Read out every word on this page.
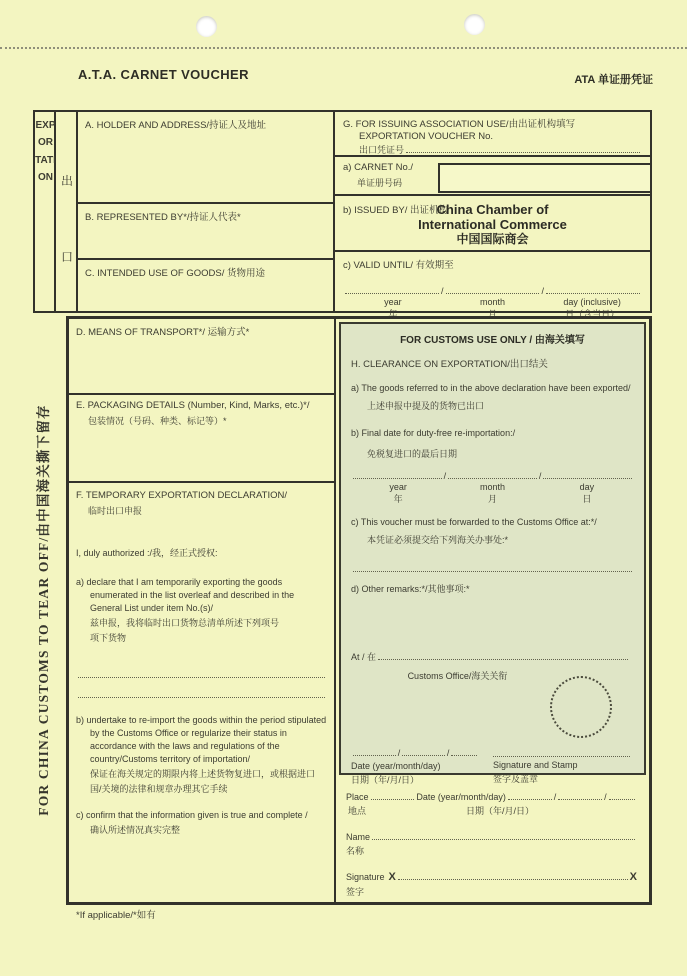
A.T.A. CARNET VOUCHER	ATA 单证册凭证
FOR CHINA CUSTOMS TO TEAR OFF/由中国海关撕下留存
EXPORTATION 出
口
A. HOLDER AND ADDRESS/持证人及地址
B. REPRESENTED BY*/持证人代表*
C. INTENDED USE OF GOODS/ 货物用途
G. FOR ISSUING ASSOCIATION USE/由出证机构填写
EXPORTATION VOUCHER No.
出口凭证号
a) CARNET No./
单证册号码
b) ISSUED BY/ 出证机构
China Chamber of
International Commerce
中国国际商会
c) VALID UNTIL/ 有效期至
/	/
year
年
month
月
day (inclusive)
日（含当日）
D. MEANS OF TRANSPORT*/ 运输方式*
E. PACKAGING DETAILS (Number, Kind, Marks, etc.)*/
包装情况（号码、种类、标记等）*
F. TEMPORARY EXPORTATION DECLARATION/
临时出口申报
I, duly authorized :/我，经正式授权:
a) declare that I am temporarily exporting the goods enumerated in the list overleaf and described in the General List under item No.(s)/
兹申报，我将临时出口货物总清单所述下列项号
项下货物
b) undertake to re-import the goods within the period stipulated by the Customs Office or regularize their status in accordance with the laws and regulations of the country/Customs territory of importation/
保证在海关规定的期限内将上述货物复进口，或根据进口
国/关境的法律和规章办理其它手续
c) confirm that the information given is true and complete /
确认所述情况真实完整
FOR CUSTOMS USE ONLY / 由海关填写
H. CLEARANCE ON EXPORTATION/出口结关
a) The goods referred to in the above declaration have been exported/
上述申报中提及的货物已出口
b) Final date for duty-free re-importation:/
免税复进口的最后日期
/	/
year
年
month
月
day
日
c) This voucher must be forwarded to the Customs Office at:*/
本凭证必须提交给下列海关办事处:*
d) Other remarks:*/其他事项:*
At / 在
Customs Office/海关关衔
/	/
Date (year/month/day)
日期（年/月/日）
Signature and Stamp
签字及盖章
Place	Date (year/month/day)	/	/
地点	日期（年/月/日）
Name
名称
Signature X	X
签字
*If applicable/*如有
